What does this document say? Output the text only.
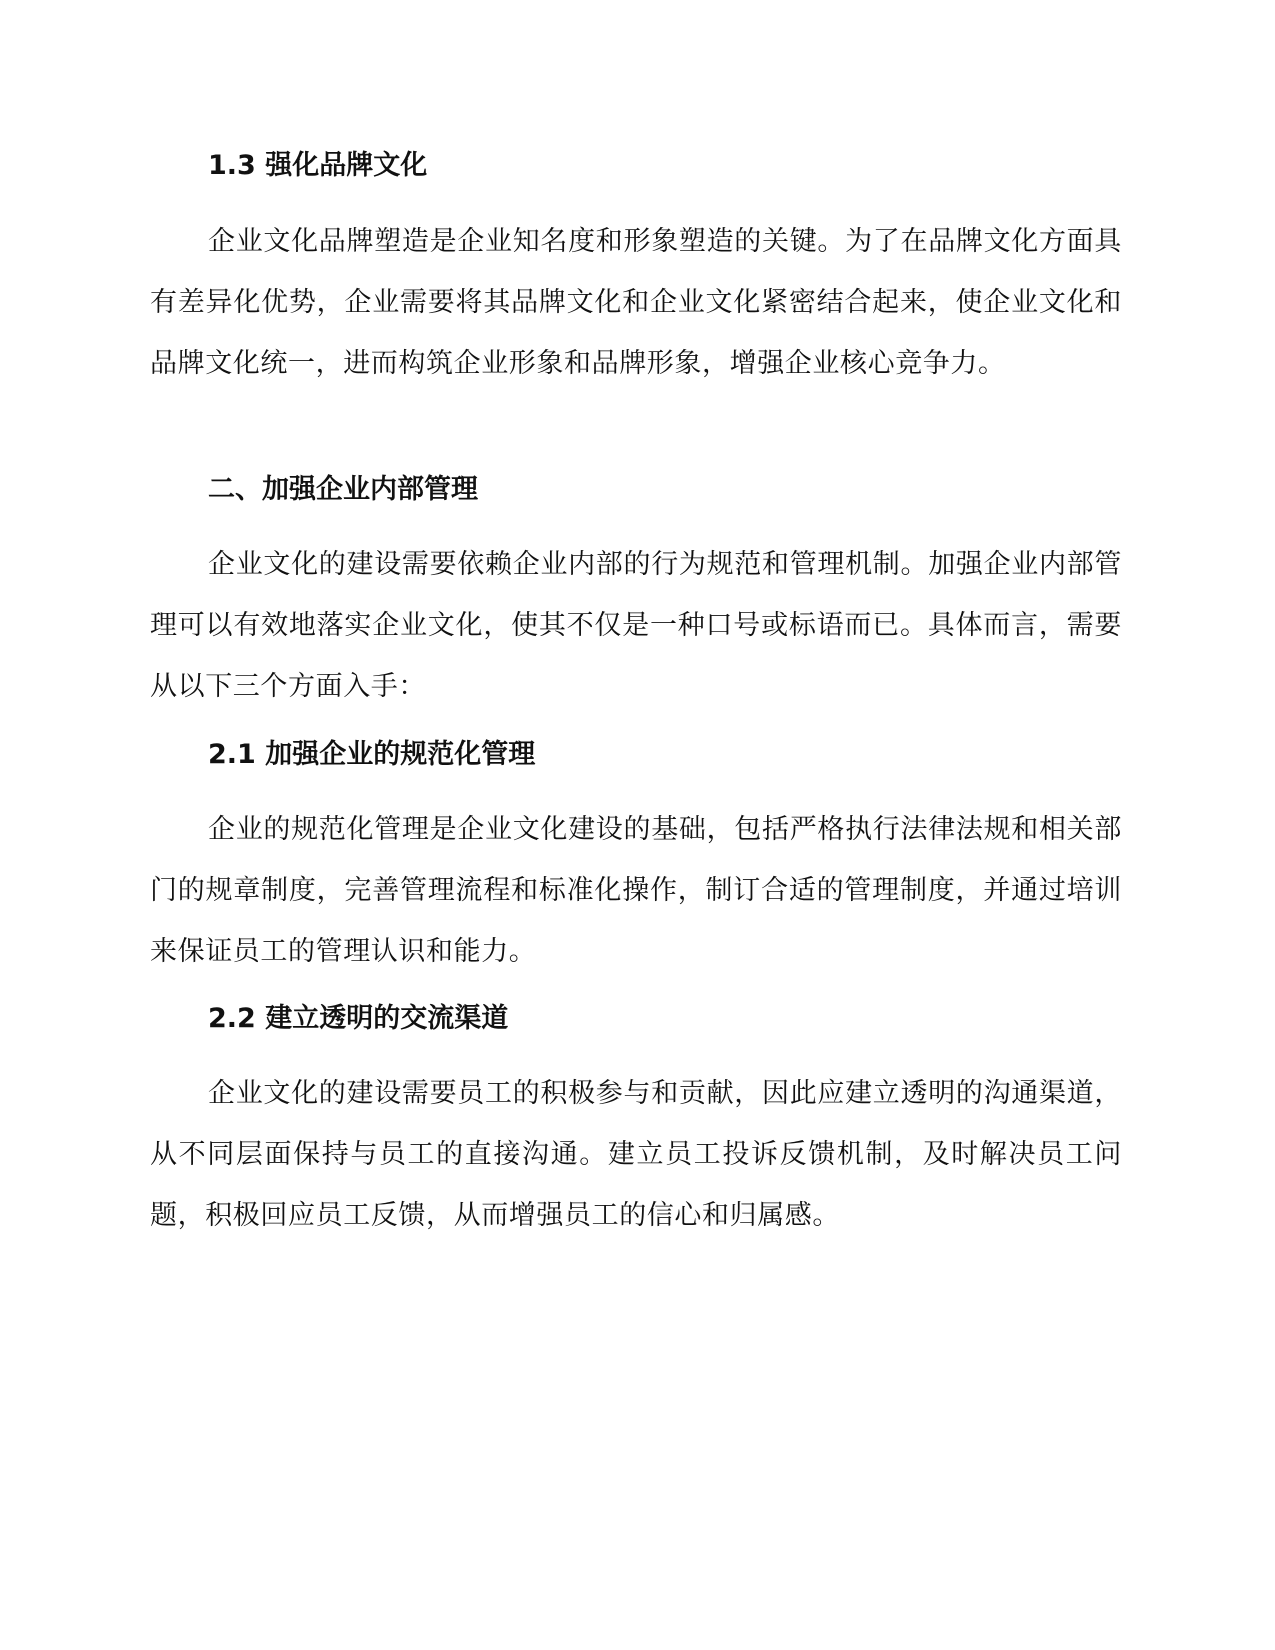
1.3 强化品牌文化

企业文化品牌塑造是企业知名度和形象塑造的关键。为了在品牌文化方面具有差异化优势，企业需要将其品牌文化和企业文化紧密结合起来，使企业文化和品牌文化统一，进而构筑企业形象和品牌形象，增强企业核心竞争力。

二、加强企业内部管理

企业文化的建设需要依赖企业内部的行为规范和管理机制。加强企业内部管理可以有效地落实企业文化，使其不仅是一种口号或标语而已。具体而言，需要从以下三个方面入手：

2.1 加强企业的规范化管理

企业的规范化管理是企业文化建设的基础，包括严格执行法律法规和相关部门的规章制度，完善管理流程和标准化操作，制订合适的管理制度，并通过培训来保证员工的管理认识和能力。

2.2 建立透明的交流渠道

企业文化的建设需要员工的积极参与和贡献，因此应建立透明的沟通渠道，从不同层面保持与员工的直接沟通。建立员工投诉反馈机制，及时解决员工问题，积极回应员工反馈，从而增强员工的信心和归属感。
